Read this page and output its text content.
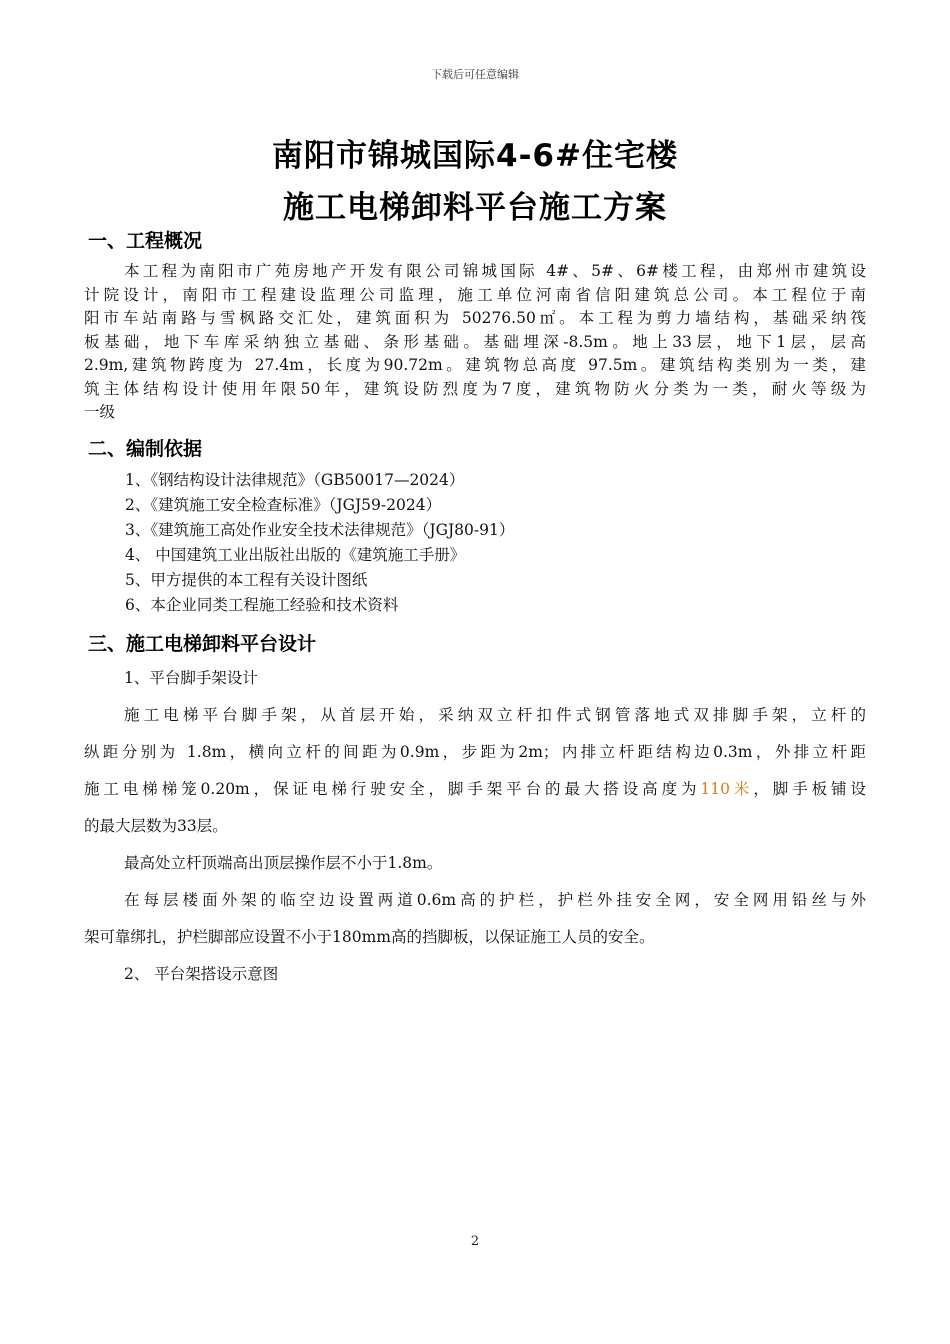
下载后可任意编辑
南阳市锦城国际4-6#住宅楼
施工电梯卸料平台施工方案
一、工程概况
本工程为南阳市广苑房地产开发有限公司锦城国际 4#、5#、6#楼工程，由郑州市建筑设
计院设计，南阳市工程建设监理公司监理，施工单位河南省信阳建筑总公司。本工程位于南
阳市车站南路与雪枫路交汇处，建筑面积为 50276.50㎡。本工程为剪力墙结构，基础采纳筏
板基础，地下车库采纳独立基础、条形基础。基础埋深-8.5m。地上33层，地下1层，层高
2.9m,建筑物跨度为 27.4m，长度为90.72m。建筑物总高度 97.5m。建筑结构类别为一类，建
筑主体结构设计使用年限50年，建筑设防烈度为7度，建筑物防火分类为一类，耐火等级为
一级
二、编制依据
1、《钢结构设计法律规范》（GB50017—2024）
2、《建筑施工安全检查标准》（JGJ59-2024）
3、《建筑施工高处作业安全技术法律规范》（JGJ80-91）
4、 中国建筑工业出版社出版的《建筑施工手册》
5、甲方提供的本工程有关设计图纸
6、本企业同类工程施工经验和技术资料
三、施工电梯卸料平台设计
1、平台脚手架设计
施工电梯平台脚手架，从首层开始，采纳双立杆扣件式钢管落地式双排脚手架，立杆的
纵距分别为 1.8m，横向立杆的间距为0.9m，步距为2m；内排立杆距结构边0.3m，外排立杆距
施工电梯梯笼0.20m，保证电梯行驶安全，脚手架平台的最大搭设高度为110米，脚手板铺设
的最大层数为33层。
最高处立杆顶端高出顶层操作层不小于1.8m。
在每层楼面外架的临空边设置两道0.6m高的护栏，护栏外挂安全网，安全网用铅丝与外
架可靠绑扎，护栏脚部应设置不小于180mm高的挡脚板，以保证施工人员的安全。
2、 平台架搭设示意图
2
